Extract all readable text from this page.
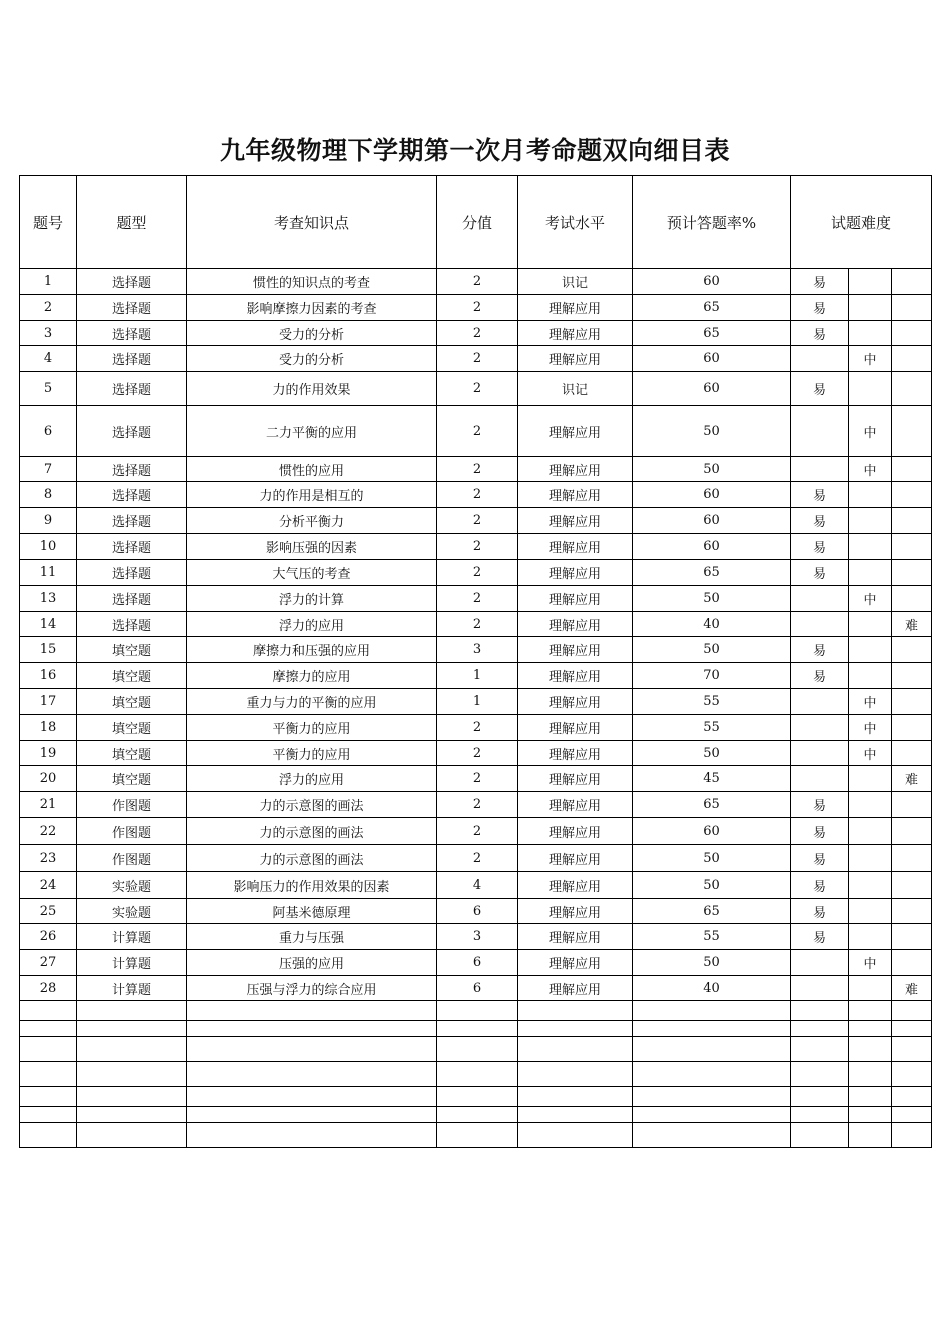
九年级物理下学期第一次月考命题双向细目表
题号	题型	考查知识点	分值	考试水平	预计答题率%	试题难度		
1	选择题	惯性的知识点的考查	2	识记	60	易		
2	选择题	影响摩擦力因素的考查	2	理解应用	65	易		
3	选择题	受力的分析	2	理解应用	65	易		
4	选择题	受力的分析	2	理解应用	60		中	
5	选择题	力的作用效果	2	识记	60	易		
6	选择题	二力平衡的应用	2	理解应用	50		中	
7	选择题	惯性的应用	2	理解应用	50		中	
8	选择题	力的作用是相互的	2	理解应用	60	易		
9	选择题	分析平衡力	2	理解应用	60	易		
10	选择题	影响压强的因素	2	理解应用	60	易		
11	选择题	大气压的考查	2	理解应用	65	易		
13	选择题	浮力的计算	2	理解应用	50		中	
14	选择题	浮力的应用	2	理解应用	40			难
15	填空题	摩擦力和压强的应用	3	理解应用	50	易		
16	填空题	摩擦力的应用	1	理解应用	70	易		
17	填空题	重力与力的平衡的应用	1	理解应用	55		中	
18	填空题	平衡力的应用	2	理解应用	55		中	
19	填空题	平衡力的应用	2	理解应用	50		中	
20	填空题	浮力的应用	2	理解应用	45			难
21	作图题	力的示意图的画法	2	理解应用	65	易		
22	作图题	力的示意图的画法	2	理解应用	60	易		
23	作图题	力的示意图的画法	2	理解应用	50	易		
24	实验题	影响压力的作用效果的因素	4	理解应用	50	易		
25	实验题	阿基米德原理	6	理解应用	65	易		
26	计算题	重力与压强	3	理解应用	55	易		
27	计算题	压强的应用	6	理解应用	50		中	
28	计算题	压强与浮力的综合应用	6	理解应用	40			难
